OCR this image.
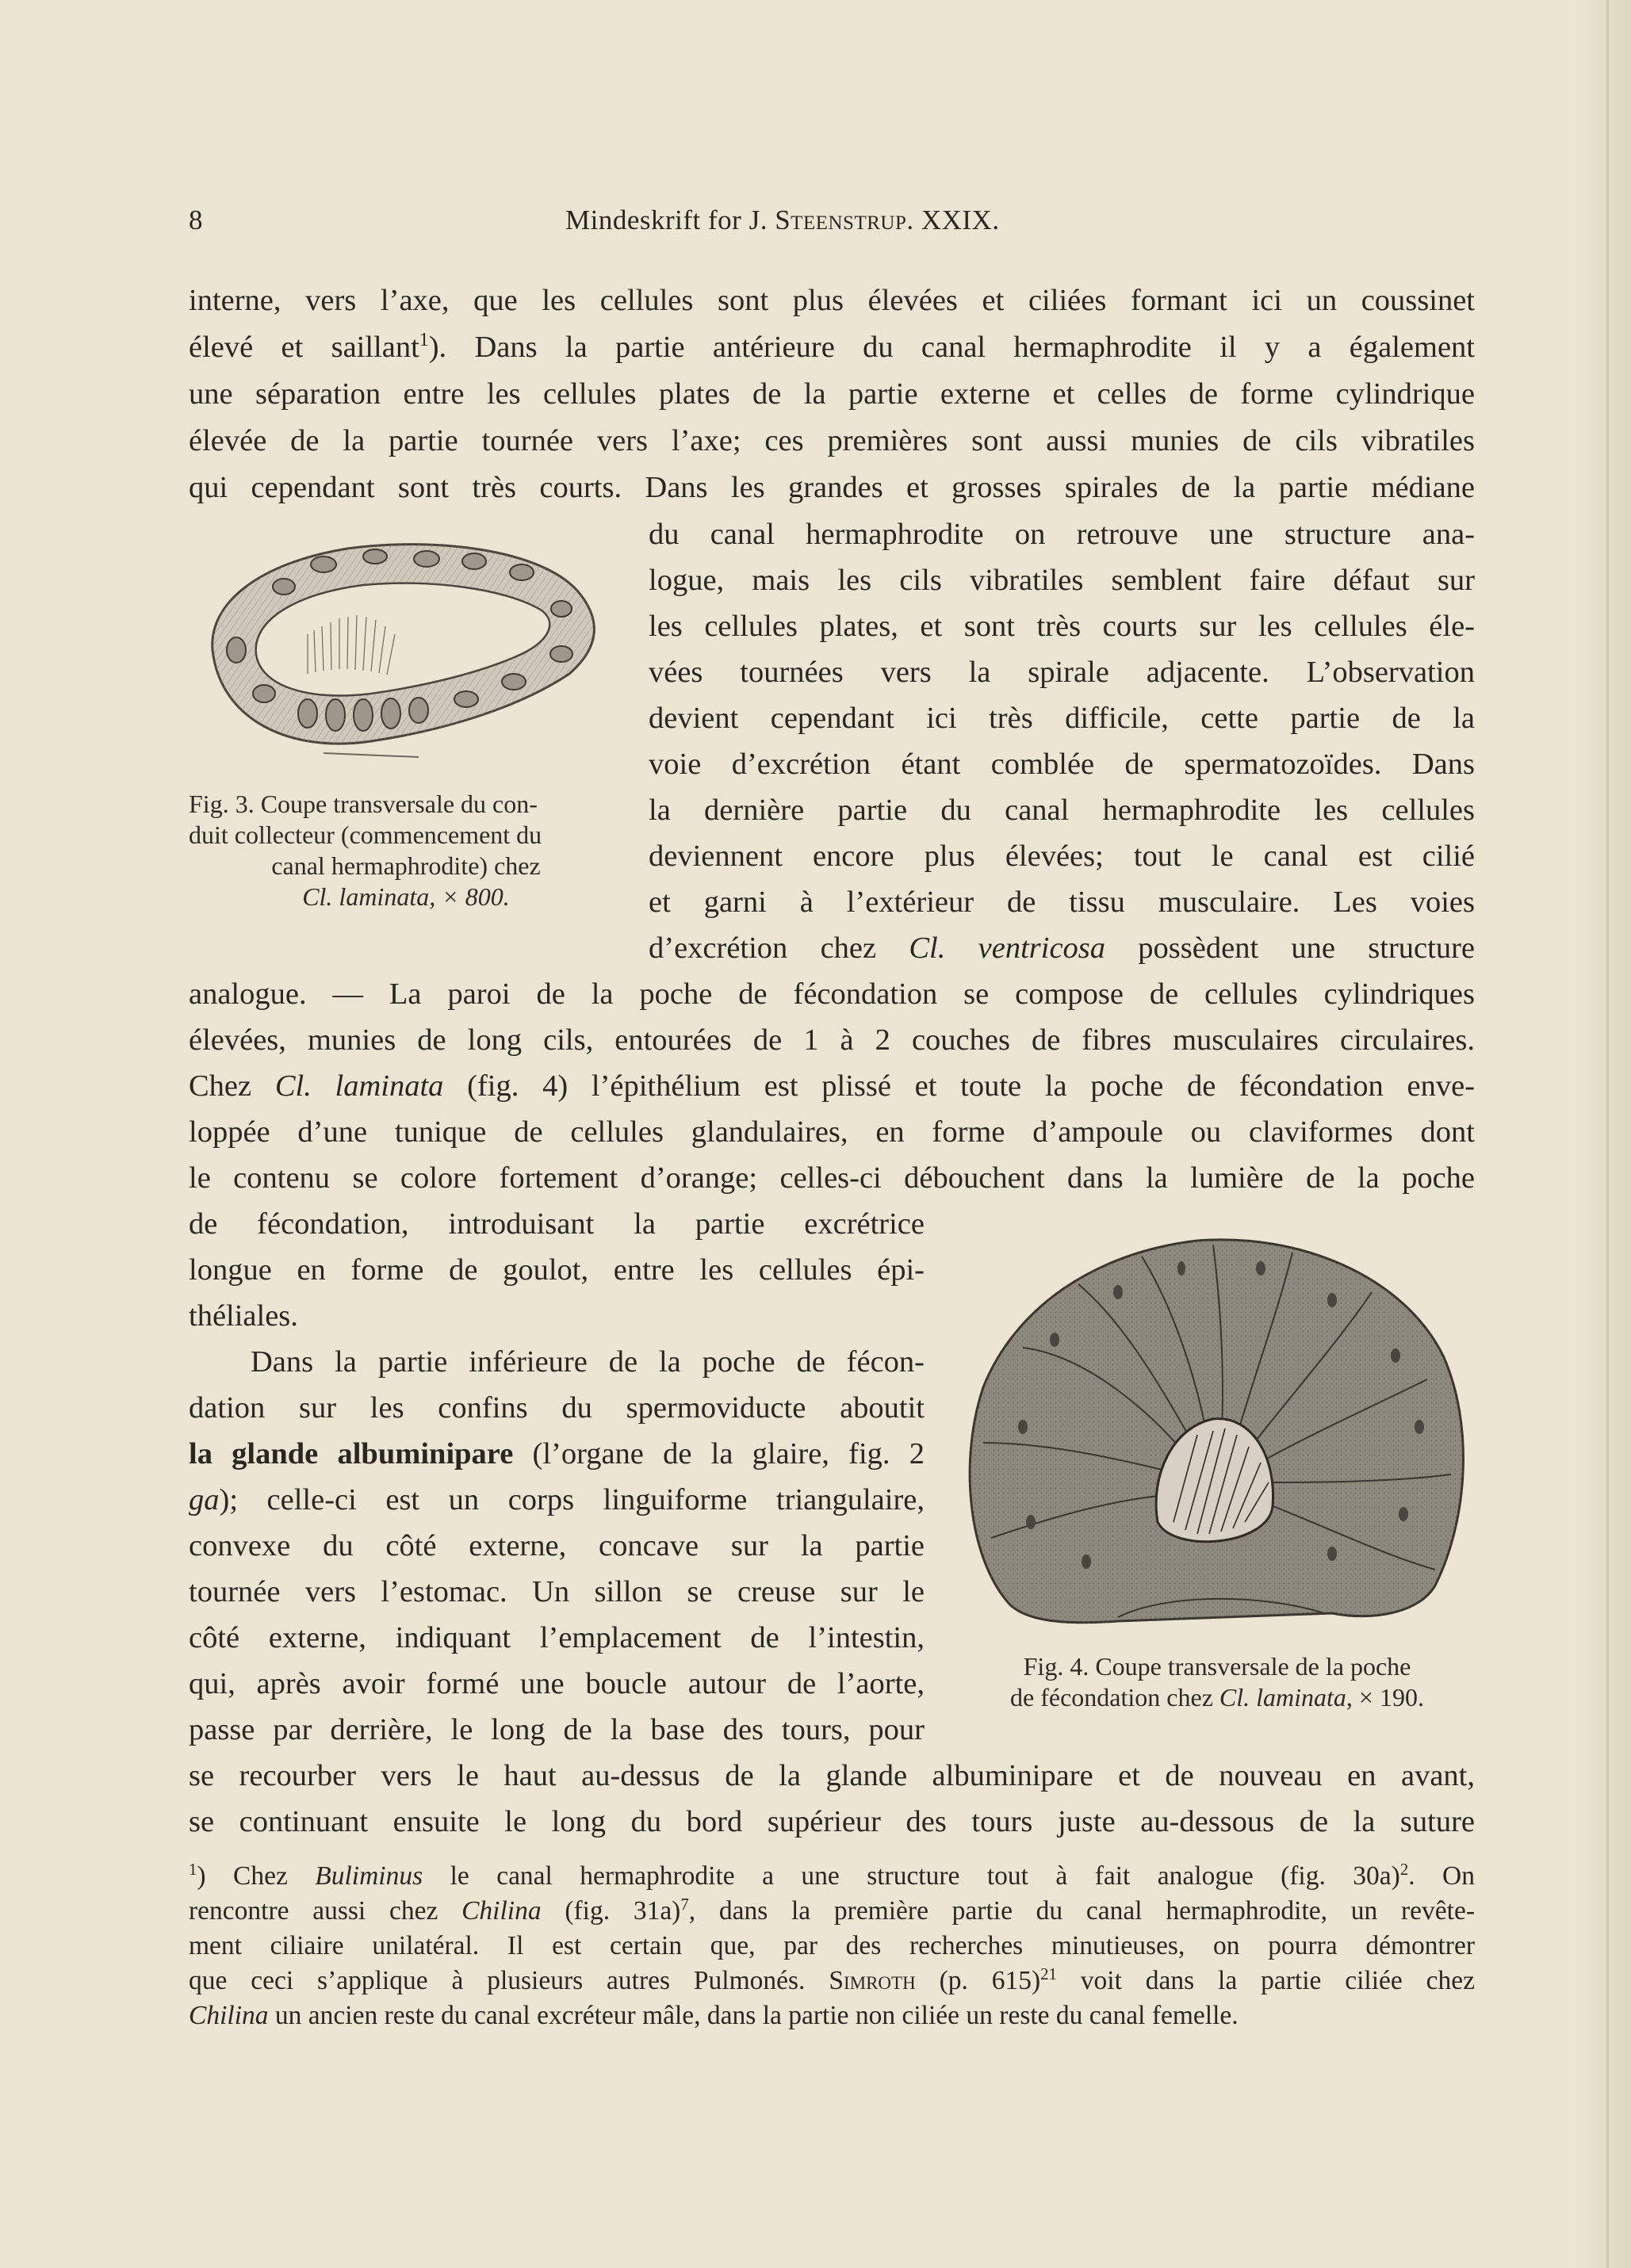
8	Mindeskrift for J. Steenstrup. XXIX.
interne, vers l’axe, que les cellules sont plus élevées et ciliées formant ici un coussinet
élevé et saillant$^1$). Dans la partie antérieure du canal hermaphrodite il y a également
une séparation entre les cellules plates de la partie externe et celles de forme cylindrique
élevée de la partie tournée vers l’axe; ces premières sont aussi munies de cils vibratiles
qui cependant sont très courts. Dans les grandes et grosses spirales de la partie médiane
du canal hermaphrodite on retrouve une structure ana-
logue, mais les cils vibratiles semblent faire défaut sur
les cellules plates, et sont très courts sur les cellules éle-
vées tournées vers la spirale adjacente. L’observation
devient cependant ici très difficile, cette partie de la
voie d’excrétion étant comblée de spermatozoïdes. Dans
la dernière partie du canal hermaphrodite les cellules
deviennent encore plus élevées; tout le canal est cilié
et garni à l’extérieur de tissu musculaire. Les voies
d’excrétion chez Cl. ventricosa possèdent une structure
analogue. — La paroi de la poche de fécondation se compose de cellules cylindriques
élevées, munies de long cils, entourées de 1 à 2 couches de fibres musculaires circulaires.
Chez Cl. laminata (fig. 4) l’épithélium est plissé et toute la poche de fécondation enve-
loppée d’une tunique de cellules glandulaires, en forme d’ampoule ou claviformes dont
le contenu se colore fortement d’orange; celles-ci débouchent dans la lumière de la poche
de fécondation, introduisant la partie excrétrice
longue en forme de goulot, entre les cellules épi-
théliales.
Dans la partie inférieure de la poche de fécon-
dation sur les confins du spermoviducte aboutit
la glande albuminipare (l’organe de la glaire, fig. 2
ga); celle-ci est un corps linguiforme triangulaire,
convexe du côté externe, concave sur la partie
tournée vers l’estomac. Un sillon se creuse sur le
côté externe, indiquant l’emplacement de l’intestin,
qui, après avoir formé une boucle autour de l’aorte,
passe par derrière, le long de la base des tours, pour
se recourber vers le haut au-dessus de la glande albuminipare et de nouveau en avant,
se continuant ensuite le long du bord supérieur des tours juste au-dessous de la suture
Fig. 3. Coupe transversale du con-
duit collecteur (commencement du
canal hermaphrodite) chez
Cl. laminata, × 800.
Fig. 4. Coupe transversale de la poche
de fécondation chez Cl. laminata, × 190.
$^1$) Chez Buliminus le canal hermaphrodite a une structure tout à fait analogue (fig. 30a)$^2$. On
rencontre aussi chez Chilina (fig. 31a)$^7$, dans la première partie du canal hermaphrodite, un revête-
ment ciliaire unilatéral. Il est certain que, par des recherches minutieuses, on pourra démontrer
que ceci s’applique à plusieurs autres Pulmonés. Simroth (p. 615)$^{21}$ voit dans la partie ciliée chez
Chilina un ancien reste du canal excréteur mâle, dans la partie non ciliée un reste du canal femelle.
